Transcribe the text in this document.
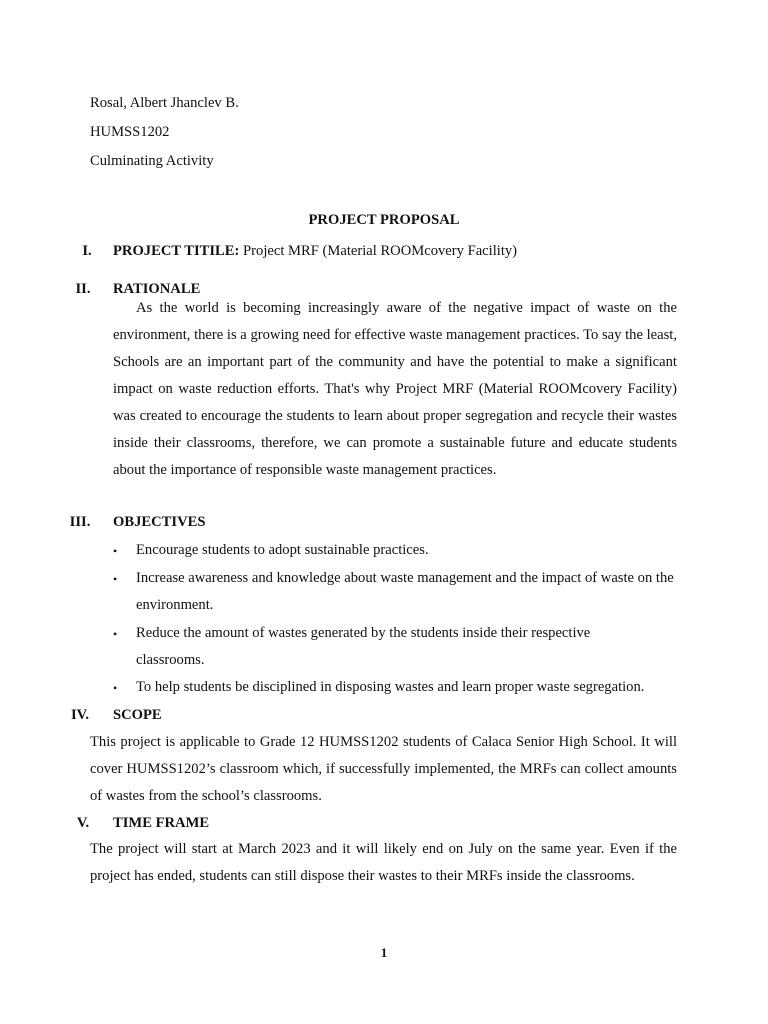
Rosal, Albert Jhanclev B.
HUMSS1202
Culminating Activity
PROJECT PROPOSAL
I.	PROJECT TITILE: Project MRF (Material ROOMcovery Facility)
II.	RATIONALE
As the world is becoming increasingly aware of the negative impact of waste on the environment, there is a growing need for effective waste management practices. To say the least, Schools are an important part of the community and have the potential to make a significant impact on waste reduction efforts. That's why Project MRF (Material ROOMcovery Facility) was created to encourage the students to learn about proper segregation and recycle their wastes inside their classrooms, therefore, we can promote a sustainable future and educate students about the importance of responsible waste management practices.
III.	OBJECTIVES
• Encourage students to adopt sustainable practices.
• Increase awareness and knowledge about waste management and the impact of waste on the environment.
• Reduce the amount of wastes generated by the students inside their respective classrooms.
• To help students be disciplined in disposing wastes and learn proper waste segregation.
IV.	SCOPE
This project is applicable to Grade 12 HUMSS1202 students of Calaca Senior High School. It will cover HUMSS1202’s classroom which, if successfully implemented, the MRFs can collect amounts of wastes from the school’s classrooms.
V.	TIME FRAME
The project will start at March 2023 and it will likely end on July on the same year. Even if the project has ended, students can still dispose their wastes to their MRFs inside the classrooms.
1
